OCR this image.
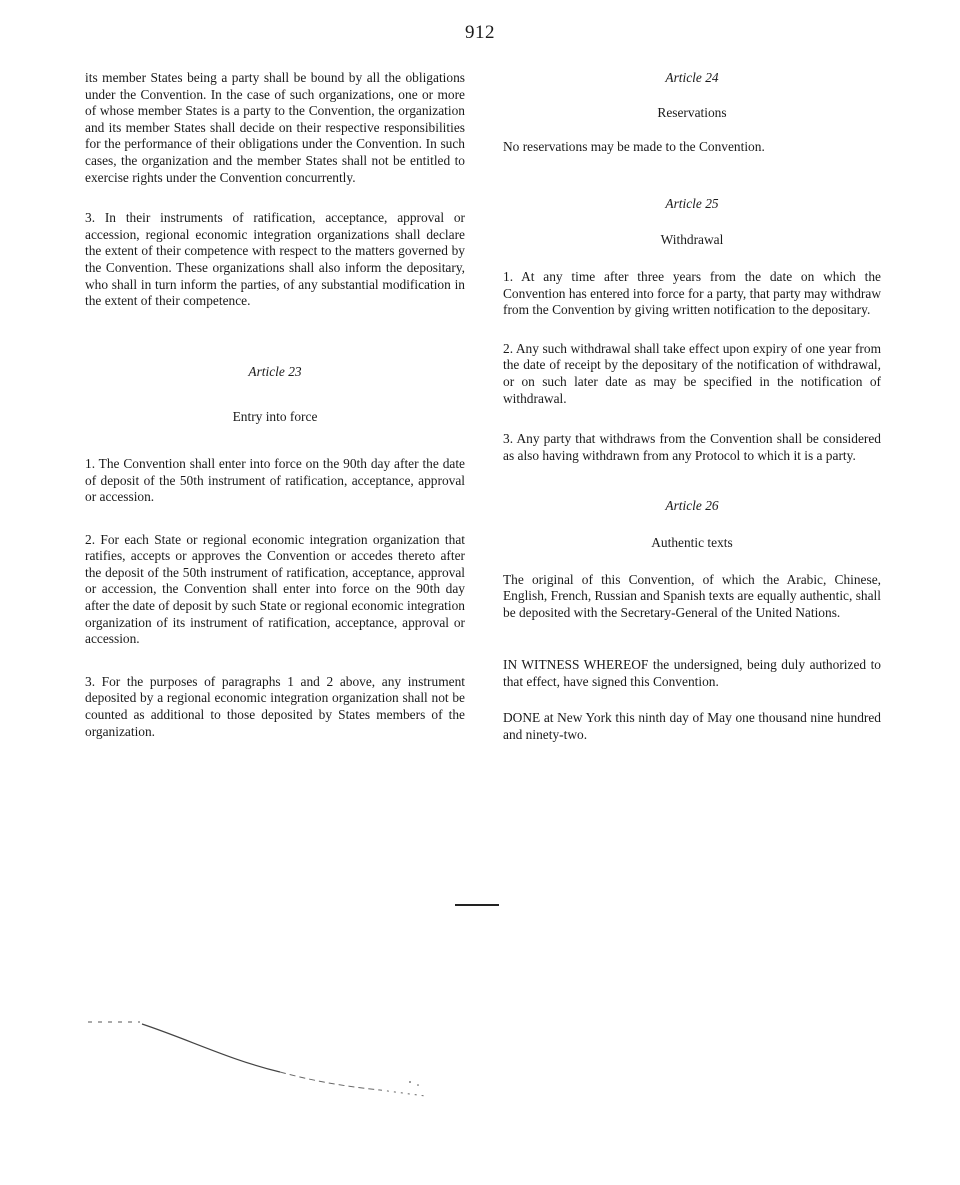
912

its member States being a party shall be bound by all the obligations under the Convention. In the case of such organizations, one or more of whose member States is a party to the Convention, the organization and its member States shall decide on their respective responsibilities for the performance of their obligations under the Convention. In such cases, the organization and the member States shall not be entitled to exercise rights under the Convention concurrently.

3. In their instruments of ratification, acceptance, approval or accession, regional economic integration organizations shall declare the extent of their competence with respect to the matters governed by the Convention. These organizations shall also inform the depositary, who shall in turn inform the parties, of any substantial modification in the extent of their competence.

Article 23

Entry into force

1. The Convention shall enter into force on the 90th day after the date of deposit of the 50th instrument of ratification, acceptance, approval or accession.

2. For each State or regional economic integration organization that ratifies, accepts or approves the Convention or accedes thereto after the deposit of the 50th instrument of ratification, acceptance, approval or accession, the Convention shall enter into force on the 90th day after the date of deposit by such State or regional economic integration organization of its instrument of ratification, acceptance, approval or accession.

3. For the purposes of paragraphs 1 and 2 above, any instrument deposited by a regional economic integration organization shall not be counted as additional to those deposited by States members of the organization.

Article 24

Reservations

No reservations may be made to the Convention.

Article 25

Withdrawal

1. At any time after three years from the date on which the Convention has entered into force for a party, that party may withdraw from the Convention by giving written notification to the depositary.

2. Any such withdrawal shall take effect upon expiry of one year from the date of receipt by the depositary of the notification of withdrawal, or on such later date as may be specified in the notification of withdrawal.

3. Any party that withdraws from the Convention shall be considered as also having withdrawn from any Protocol to which it is a party.

Article 26

Authentic texts

The original of this Convention, of which the Arabic, Chinese, English, French, Russian and Spanish texts are equally authentic, shall be deposited with the Secretary-General of the United Nations.

IN WITNESS WHEREOF the undersigned, being duly authorized to that effect, have signed this Convention.

DONE at New York this ninth day of May one thousand nine hundred and ninety-two.
